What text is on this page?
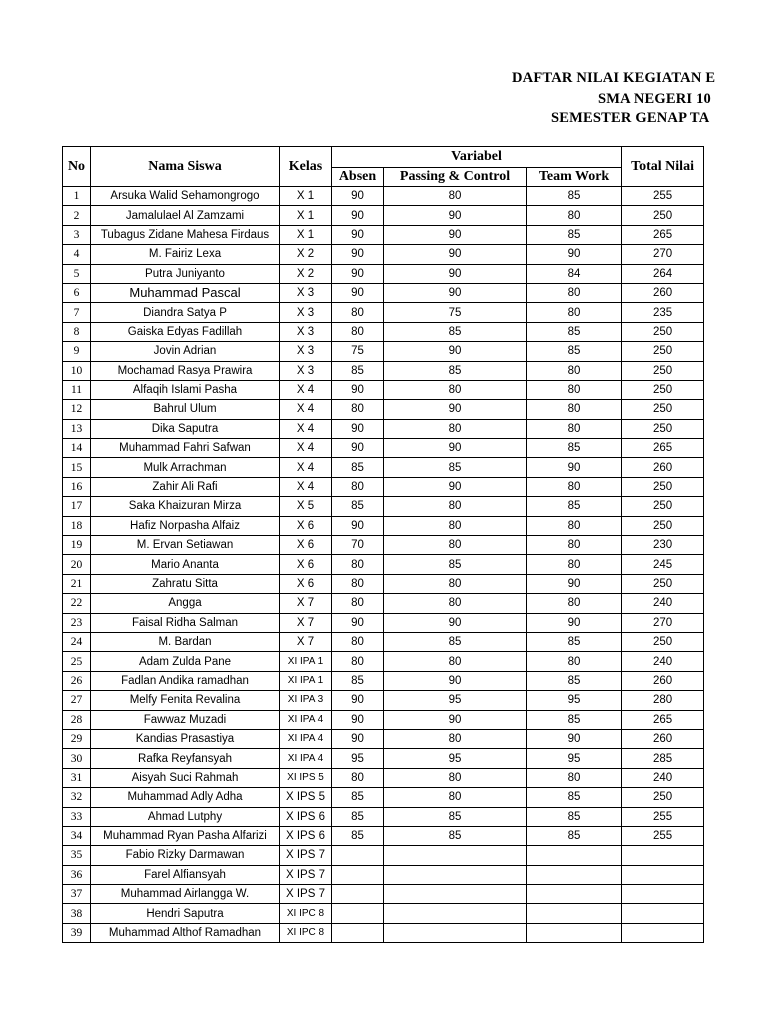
DAFTAR NILAI KEGIATAN E
SMA NEGERI 10
SEMESTER GENAP TA
No	Nama Siswa	Kelas	Variabel			Total Nilai
			Absen	Passing & Control	Team Work	
1	Arsuka Walid Sehamongrogo	X 1	90	80	85	255
2	Jamalulael Al Zamzami	X 1	90	90	80	250
3	Tubagus Zidane Mahesa Firdaus	X 1	90	90	85	265
4	M. Fairiz Lexa	X 2	90	90	90	270
5	Putra Juniyanto	X 2	90	90	84	264
6	Muhammad Pascal	X 3	90	90	80	260
7	Diandra Satya P	X 3	80	75	80	235
8	Gaiska Edyas Fadillah	X 3	80	85	85	250
9	Jovin Adrian	X 3	75	90	85	250
10	Mochamad Rasya Prawira	X 3	85	85	80	250
11	Alfaqih Islami Pasha	X 4	90	80	80	250
12	Bahrul Ulum	X 4	80	90	80	250
13	Dika Saputra	X 4	90	80	80	250
14	Muhammad Fahri Safwan	X 4	90	90	85	265
15	Mulk Arrachman	X 4	85	85	90	260
16	Zahir Ali Rafi	X 4	80	90	80	250
17	Saka Khaizuran Mirza	X 5	85	80	85	250
18	Hafiz Norpasha Alfaiz	X 6	90	80	80	250
19	M. Ervan Setiawan	X 6	70	80	80	230
20	Mario Ananta	X 6	80	85	80	245
21	Zahratu Sitta	X 6	80	80	90	250
22	Angga	X 7	80	80	80	240
23	Faisal Ridha Salman	X 7	90	90	90	270
24	M. Bardan	X 7	80	85	85	250
25	Adam Zulda Pane	XI IPA 1	80	80	80	240
26	Fadlan Andika ramadhan	XI IPA 1	85	90	85	260
27	Melfy Fenita Revalina	XI IPA 3	90	95	95	280
28	Fawwaz Muzadi	XI IPA 4	90	90	85	265
29	Kandias Prasastiya	XI IPA 4	90	80	90	260
30	Rafka Reyfansyah	XI IPA 4	95	95	95	285
31	Aisyah Suci Rahmah	XI IPS 5	80	80	80	240
32	Muhammad Adly Adha	X IPS 5	85	80	85	250
33	Ahmad Lutphy	X IPS 6	85	85	85	255
34	Muhammad Ryan Pasha Alfarizi	X IPS 6	85	85	85	255
35	Fabio Rizky Darmawan	X IPS 7				
36	Farel Alfiansyah	X IPS 7				
37	Muhammad Airlangga W.	X IPS 7				
38	Hendri Saputra	XI IPC 8				
39	Muhammad Althof Ramadhan	XI IPC 8				
